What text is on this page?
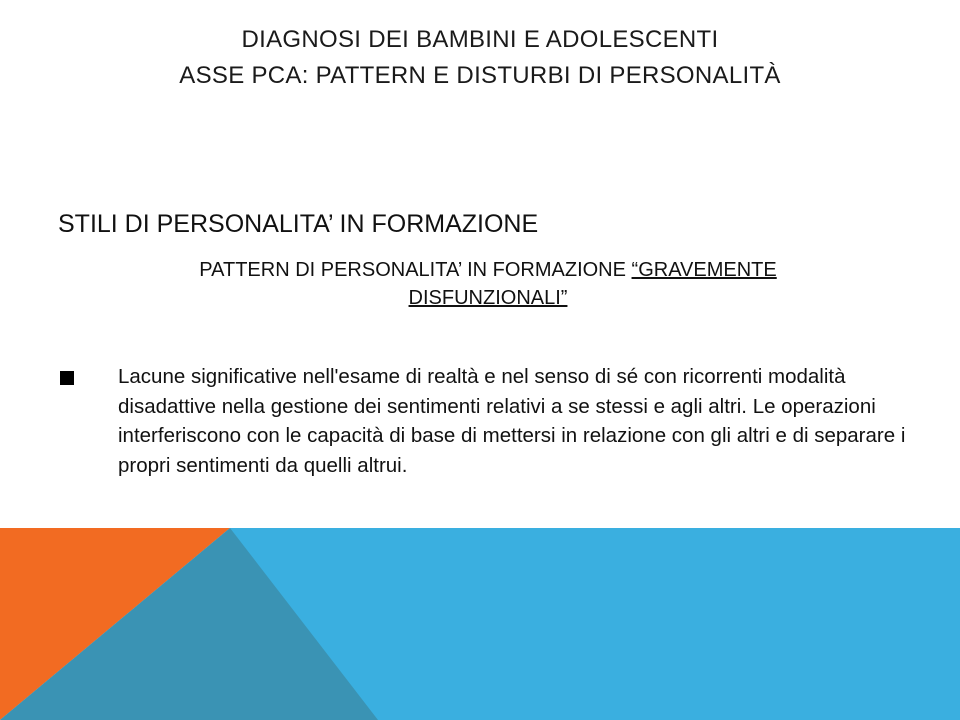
DIAGNOSI DEI BAMBINI E ADOLESCENTI
ASSE PCA: PATTERN E DISTURBI DI PERSONALITÀ
STILI DI PERSONALITA’ IN FORMAZIONE
PATTERN DI PERSONALITA’ IN FORMAZIONE “GRAVEMENTE
DISFUNZIONALI”
Lacune significative nell'esame di realtà e nel senso di sé con ricorrenti modalità disadattive nella gestione dei sentimenti relativi a se stessi e agli altri. Le operazioni interferiscono con le capacità di base di mettersi in relazione con gli altri e di separare i propri sentimenti da quelli altrui.
